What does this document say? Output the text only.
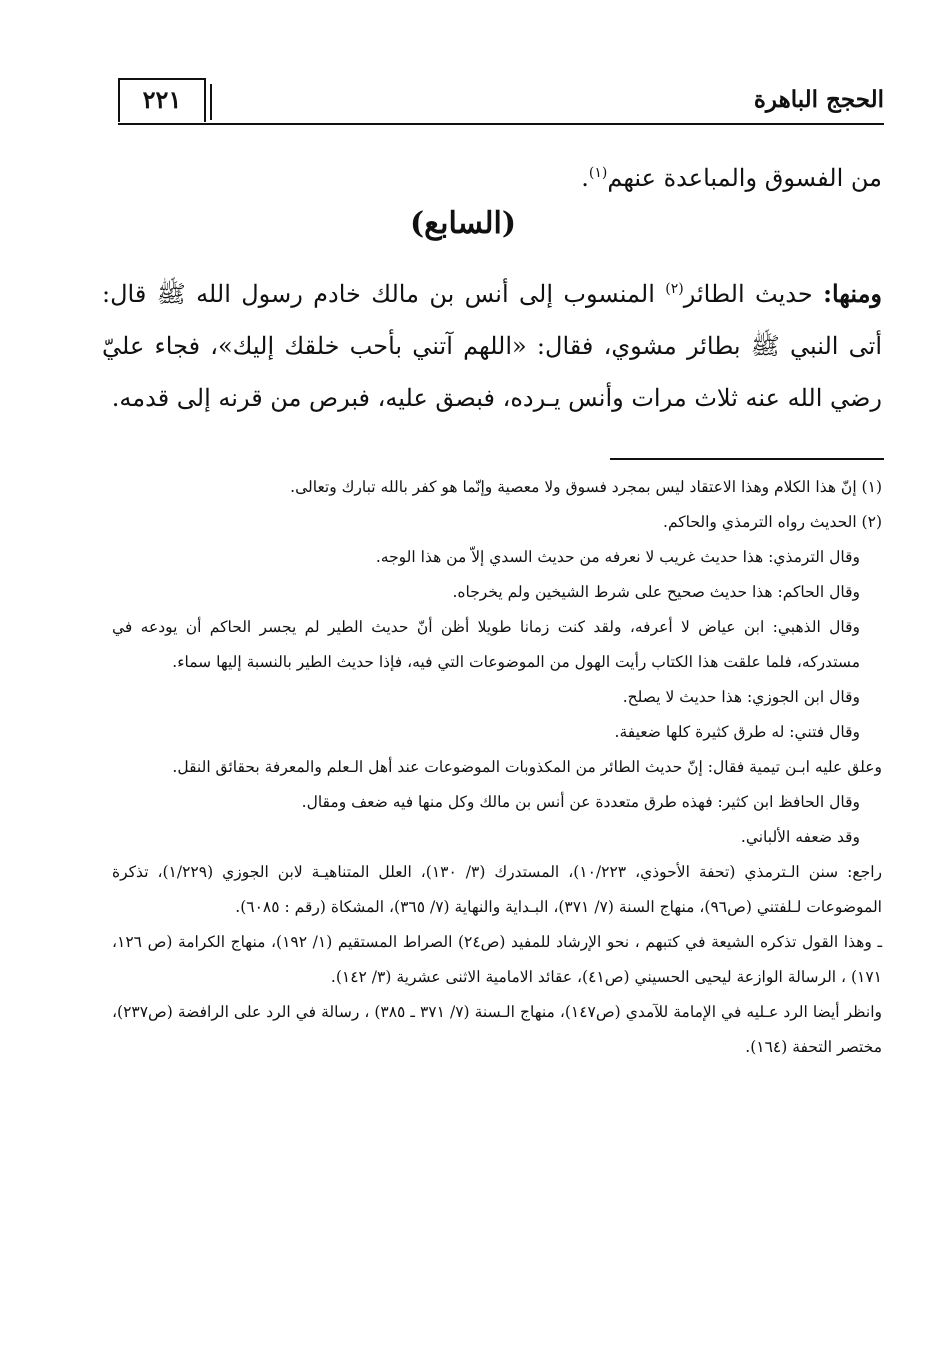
الحجج الباهرة
٢٢١
من الفسوق والمباعدة عنهم$^{(١)}$.
(السابع)
ومنها: حديث الطائر$^{(٢)}$ المنسوب إلى أنس بن مالك خادم رسول الله ﷺ قال: أتى النبي ﷺ بطائر مشوي، فقال: «اللهم آتني بأحب خلقك إليك»، فجاء عليّ رضي الله عنه ثلاث مرات وأنس يـرده، فبصق عليه، فبرص من قرنه إلى قدمه.

(١) إنّ هذا الكلام وهذا الاعتقاد ليس بمجرد فسوق ولا معصية وإنّما هو كفر بالله تبارك وتعالى.

(٢) الحديث رواه الترمذي والحاكم.

وقال الترمذي: هذا حديث غريب لا نعرفه من حديث السدي إلاّ من هذا الوجه.

وقال الحاكم: هذا حديث صحيح على شرط الشيخين ولم يخرجاه.

وقال الذهبي: ابن عياض لا أعرفه، ولقد كنت زمانا طويلا أظن أنّ حديث الطير لم يجسر الحاكم أن يودعه في مستدركه، فلما علقت هذا الكتاب رأيت الهول من الموضوعات التي فيه، فإذا حديث الطير بالنسبة إليها سماء.

وقال ابن الجوزي: هذا حديث لا يصلح.

وقال فتني: له طرق كثيرة كلها ضعيفة.

وعلق عليه ابـن تيمية فقال: إنّ حديث الطائر من المكذوبات الموضوعات عند أهل الـعلم والمعرفة بحقائق النقل.

وقال الحافظ ابن كثير: فهذه طرق متعددة عن أنس بن مالك وكل منها فيه ضعف ومقال.

وقد ضعفه الألباني.

راجع: سنن الـترمذي (تحفة الأحوذي، ١٠/٢٢٣)، المستدرك (٣/ ١٣٠)، العلل المتناهيـة لابن الجوزي (١/٢٢٩)، تذكرة الموضوعات لـلفتني (ص٩٦)، منهاج السنة (٧/ ٣٧١)، البـداية والنهاية (٧/ ٣٦٥)، المشكاة (رقم : ٦٠٨٥).

ـ وهذا القول تذكره الشيعة في كتبهم ، نحو الإرشاد للمفيد (ص٢٤) الصراط المستقيم (١/ ١٩٢)، منهاج الكرامة (ص ١٢٦، ١٧١) ، الرسالة الوازعة ليحيى الحسيني (ص٤١)، عقائد الامامية الاثنى عشرية (٣/ ١٤٢).

وانظر أيضا الرد عـليه في الإمامة للآمدي (ص١٤٧)، منهاج الـسنة (٧/ ٣٧١ ـ ٣٨٥) ، رسالة في الرد على الرافضة (ص٢٣٧)، مختصر التحفة (١٦٤).
